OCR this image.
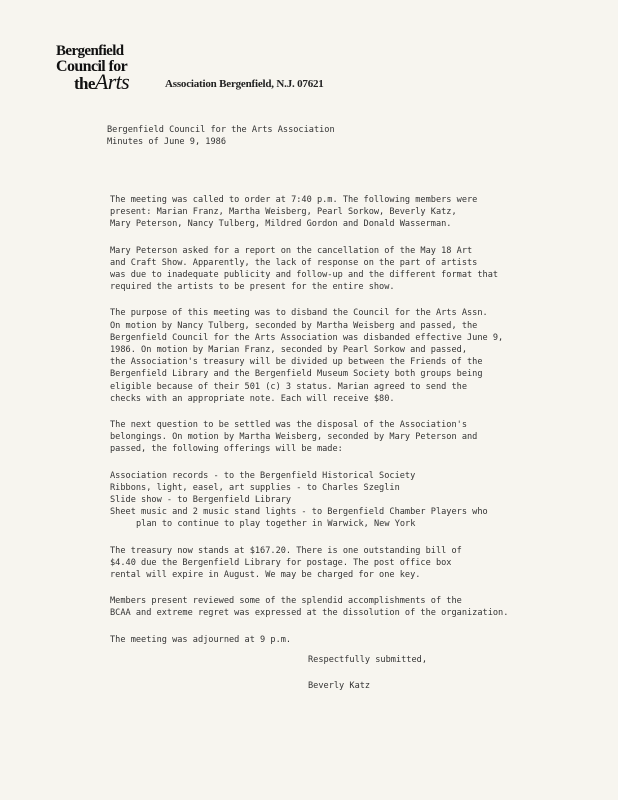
Bergenfield
Council for
theArts	Association Bergenfield, N.J. 07621
Bergenfield Council for the Arts Association
Minutes of June 9, 1986

The meeting was called to order at 7:40 p.m. The following members were
present: Marian Franz, Martha Weisberg, Pearl Sorkow, Beverly Katz,
Mary Peterson, Nancy Tulberg, Mildred Gordon and Donald Wasserman.

Mary Peterson asked for a report on the cancellation of the May 18 Art
and Craft Show. Apparently, the lack of response on the part of artists
was due to inadequate publicity and follow-up and the different format that
required the artists to be present for the entire show.

The purpose of this meeting was to disband the Council for the Arts Assn.
On motion by Nancy Tulberg, seconded by Martha Weisberg and passed, the
Bergenfield Council for the Arts Association was disbanded effective June 9,
1986. On motion by Marian Franz, seconded by Pearl Sorkow and passed,
the Association's treasury will be divided up between the Friends of the
Bergenfield Library and the Bergenfield Museum Society both groups being
eligible because of their 501 (c) 3 status. Marian agreed to send the
checks with an appropriate note. Each will receive $80.

The next question to be settled was the disposal of the Association's
belongings. On motion by Martha Weisberg, seconded by Mary Peterson and
passed, the following offerings will be made:

Association records - to the Bergenfield Historical Society
Ribbons, light, easel, art supplies - to Charles Szeglin
Slide show - to Bergenfield Library
Sheet music and 2 music stand lights - to Bergenfield Chamber Players who
plan to continue to play together in Warwick, New York

The treasury now stands at $167.20. There is one outstanding bill of
$4.40 due the Bergenfield Library for postage. The post office box
rental will expire in August. We may be charged for one key.

Members present reviewed some of the splendid accomplishments of the
BCAA and extreme regret was expressed at the dissolution of the organization.

The meeting was adjourned at 9 p.m.

Respectfully submitted,
Beverly Katz
